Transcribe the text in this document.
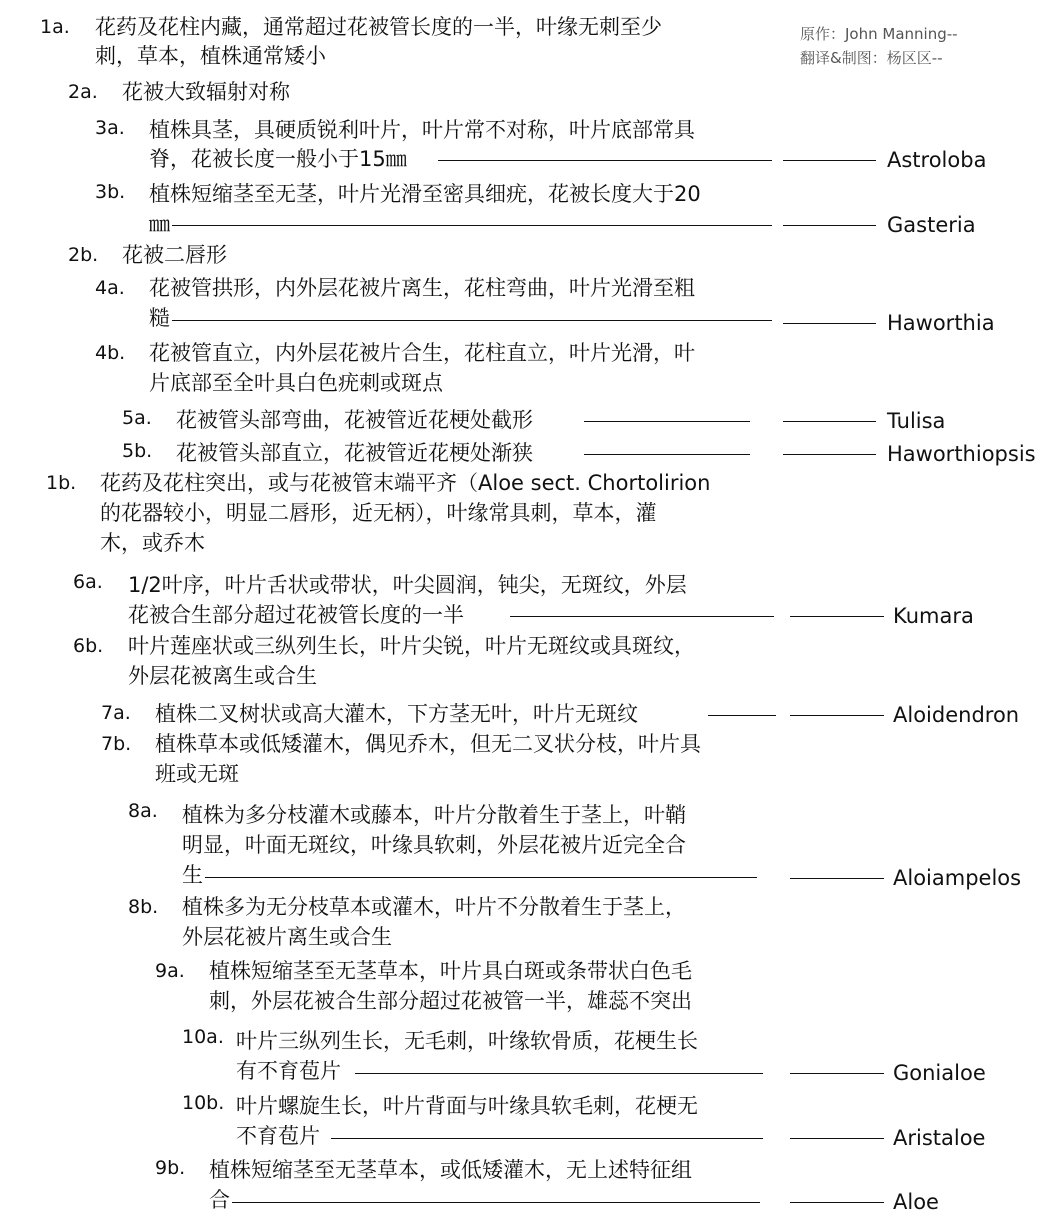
原作：John Manning--
翻译&制图：杨区区--
1a. 花药及花柱内藏，通常超过花被管长度的一半，叶缘无刺至少
刺，草本，植株通常矮小
2a. 花被大致辐射对称
3a. 植株具茎，具硬质锐利叶片，叶片常不对称，叶片底部常具
脊，花被长度一般小于15㎜	Astroloba
3b. 植株短缩茎至无茎，叶片光滑至密具细疣，花被长度大于20
㎜	Gasteria
2b. 花被二唇形
4a. 花被管拱形，内外层花被片离生，花柱弯曲，叶片光滑至粗
糙	Haworthia
4b. 花被管直立，内外层花被片合生，花柱直立，叶片光滑，叶
片底部至全叶具白色疣刺或斑点
5a. 花被管头部弯曲，花被管近花梗处截形	Tulisa
5b. 花被管头部直立，花被管近花梗处渐狭	Haworthiopsis
1b. 花药及花柱突出，或与花被管末端平齐（Aloe sect. Chortolirion
的花器较小，明显二唇形，近无柄），叶缘常具刺，草本，灌
木，或乔木
6a. 1/2叶序，叶片舌状或带状，叶尖圆润，钝尖，无斑纹，外层
花被合生部分超过花被管长度的一半	Kumara
6b. 叶片莲座状或三纵列生长，叶片尖锐，叶片无斑纹或具斑纹，
外层花被离生或合生
7a. 植株二叉树状或高大灌木，下方茎无叶，叶片无斑纹	Aloidendron
7b. 植株草本或低矮灌木，偶见乔木，但无二叉状分枝，叶片具
班或无斑
8a. 植株为多分枝灌木或藤本，叶片分散着生于茎上，叶鞘
明显，叶面无斑纹，叶缘具软刺，外层花被片近完全合
生	Aloiampelos
8b. 植株多为无分枝草本或灌木，叶片不分散着生于茎上，
外层花被片离生或合生
9a. 植株短缩茎至无茎草本，叶片具白斑或条带状白色毛
刺，外层花被合生部分超过花被管一半，雄蕊不突出
10a. 叶片三纵列生长，无毛刺，叶缘软骨质，花梗生长
有不育苞片	Gonialoe
10b. 叶片螺旋生长，叶片背面与叶缘具软毛刺，花梗无
不育苞片	Aristaloe
9b. 植株短缩茎至无茎草本，或低矮灌木，无上述特征组
合	Aloe
